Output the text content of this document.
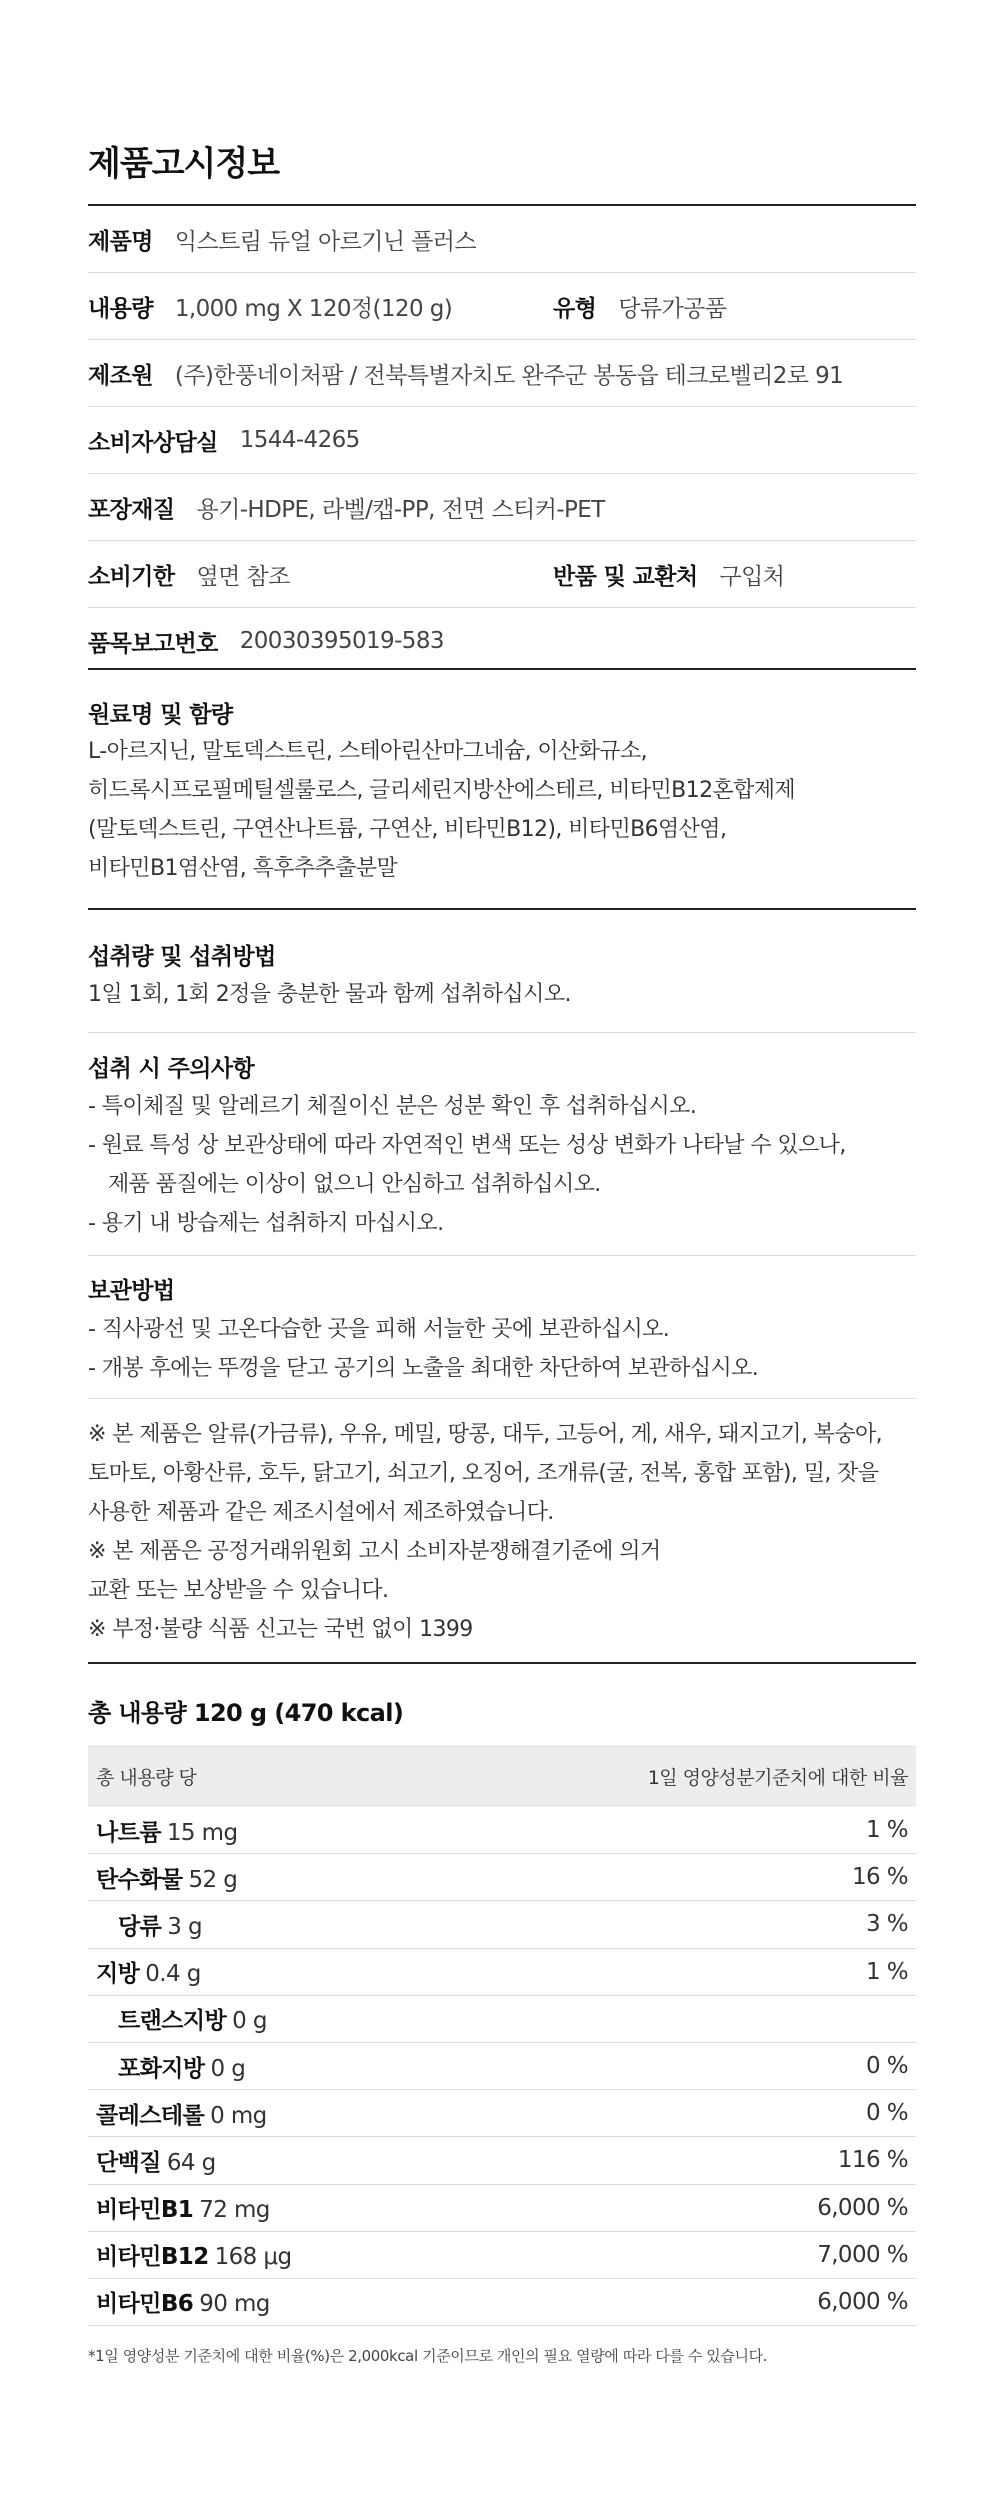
제품고시정보
제품명 익스트림 듀얼 아르기닌 플러스
내용량 1,000 mg X 120정(120 g)	유형 당류가공품
제조원 (주)한풍네이처팜 / 전북특별자치도 완주군 봉동읍 테크로벨리2로 91
소비자상담실 1544-4265
포장재질 용기-HDPE, 라벨/캡-PP, 전면 스티커-PET
소비기한 옆면 참조	반품 및 교환처 구입처
품목보고번호 20030395019-583
원료명 및 함량
L-아르지닌, 말토덱스트린, 스테아린산마그네슘, 이산화규소,
히드록시프로필메틸셀룰로스, 글리세린지방산에스테르, 비타민B12혼합제제
(말토덱스트린, 구연산나트륨, 구연산, 비타민B12), 비타민B6염산염,
비타민B1염산염, 흑후추추출분말
섭취량 및 섭취방법
1일 1회, 1회 2정을 충분한 물과 함께 섭취하십시오.
섭취 시 주의사항
- 특이체질 및 알레르기 체질이신 분은 성분 확인 후 섭취하십시오.
- 원료 특성 상 보관상태에 따라 자연적인 변색 또는 성상 변화가 나타날 수 있으나,
제품 품질에는 이상이 없으니 안심하고 섭취하십시오.
- 용기 내 방습제는 섭취하지 마십시오.
보관방법
- 직사광선 및 고온다습한 곳을 피해 서늘한 곳에 보관하십시오.
- 개봉 후에는 뚜껑을 닫고 공기의 노출을 최대한 차단하여 보관하십시오.
※ 본 제품은 알류(가금류), 우유, 메밀, 땅콩, 대두, 고등어, 게, 새우, 돼지고기, 복숭아,
토마토, 아황산류, 호두, 닭고기, 쇠고기, 오징어, 조개류(굴, 전복, 홍합 포함), 밀, 잣을
사용한 제품과 같은 제조시설에서 제조하였습니다.
※ 본 제품은 공정거래위원회 고시 소비자분쟁해결기준에 의거
교환 또는 보상받을 수 있습니다.
※ 부정·불량 식품 신고는 국번 없이 1399
총 내용량 120 g (470 kcal)
총 내용량 당	1일 영양성분기준치에 대한 비율
나트륨 15 mg	1 %
탄수화물 52 g	16 %
당류 3 g	3 %
지방 0.4 g	1 %
트랜스지방 0 g
포화지방 0 g	0 %
콜레스테롤 0 mg	0 %
단백질 64 g	116 %
비타민B1 72 mg	6,000 %
비타민B12 168 μg	7,000 %
비타민B6 90 mg	6,000 %
*1일 영양성분 기준치에 대한 비율(%)은 2,000kcal 기준이므로 개인의 필요 열량에 따라 다를 수 있습니다.
